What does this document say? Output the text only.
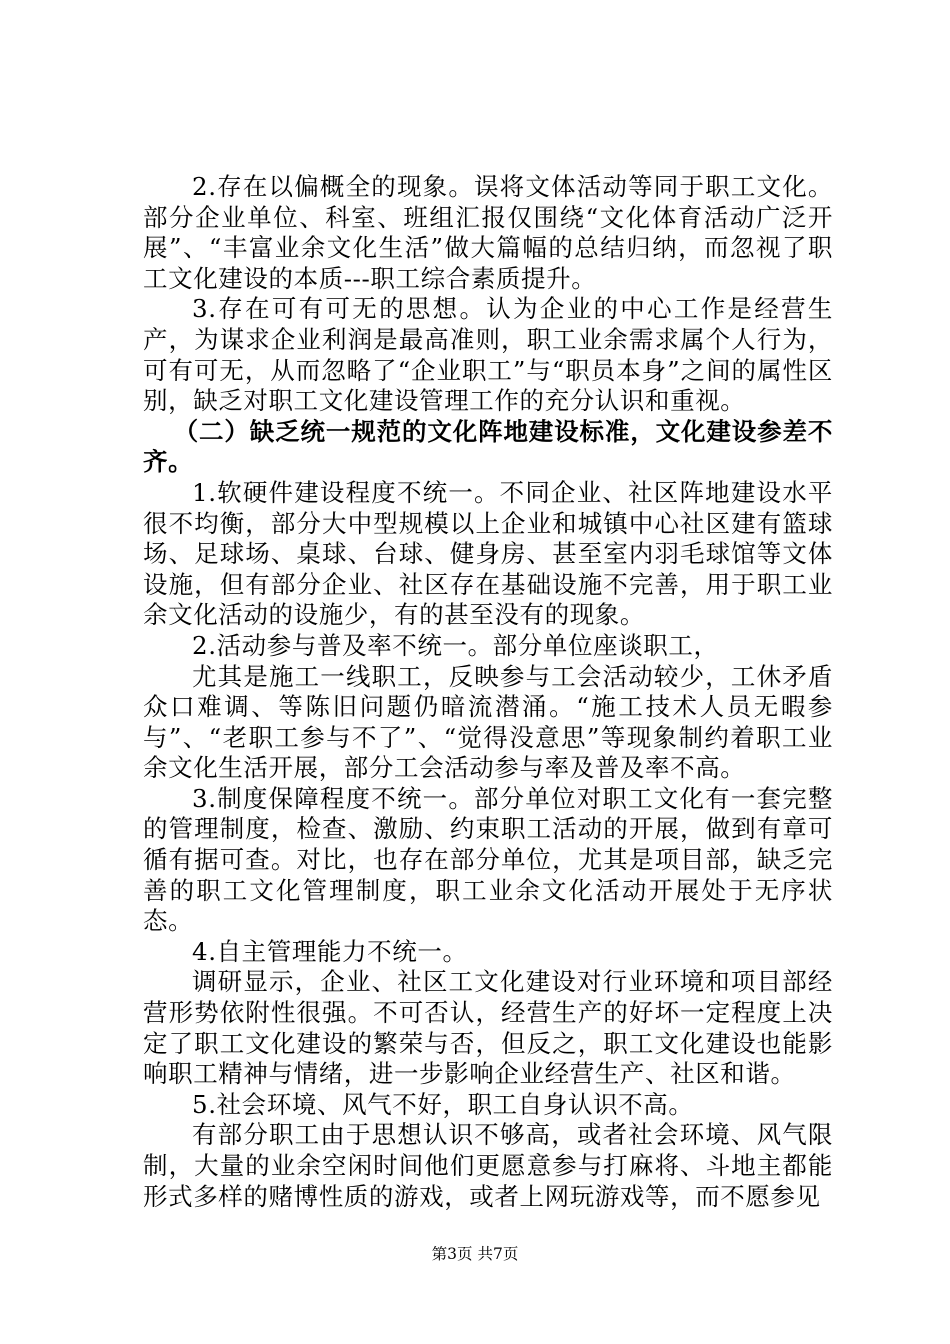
2.存在以偏概全的现象。误将文体活动等同于职工文化。部分企业单位、科室、班组汇报仅围绕“文化体育活动广泛开展”、“丰富业余文化生活”做大篇幅的总结归纳，而忽视了职工文化建设的本质---职工综合素质提升。

3.存在可有可无的思想。认为企业的中心工作是经营生产，为谋求企业利润是最高准则，职工业余需求属个人行为，可有可无，从而忽略了“企业职工”与“职员本身”之间的属性区别，缺乏对职工文化建设管理工作的充分认识和重视。

（二）缺乏统一规范的文化阵地建设标准，文化建设参差不齐。

1.软硬件建设程度不统一。不同企业、社区阵地建设水平很不均衡，部分大中型规模以上企业和城镇中心社区建有篮球场、足球场、桌球、台球、健身房、甚至室内羽毛球馆等文体设施，但有部分企业、社区存在基础设施不完善，用于职工业余文化活动的设施少，有的甚至没有的现象。

2.活动参与普及率不统一。部分单位座谈职工，

尤其是施工一线职工，反映参与工会活动较少，工休矛盾众口难调、等陈旧问题仍暗流潜涌。“施工技术人员无暇参与”、“老职工参与不了”、“觉得没意思”等现象制约着职工业余文化生活开展，部分工会活动参与率及普及率不高。

3.制度保障程度不统一。部分单位对职工文化有一套完整的管理制度，检查、激励、约束职工活动的开展，做到有章可循有据可查。对比，也存在部分单位，尤其是项目部，缺乏完善的职工文化管理制度，职工业余文化活动开展处于无序状态。

4.自主管理能力不统一。

调研显示，企业、社区工文化建设对行业环境和项目部经营形势依附性很强。不可否认，经营生产的好坏一定程度上决定了职工文化建设的繁荣与否，但反之，职工文化建设也能影响职工精神与情绪，进一步影响企业经营生产、社区和谐。

5.社会环境、风气不好，职工自身认识不高。

有部分职工由于思想认识不够高，或者社会环境、风气限制，大量的业余空闲时间他们更愿意参与打麻将、斗地主都能形式多样的赌博性质的游戏，或者上网玩游戏等，而不愿参见

第3页 共7页
